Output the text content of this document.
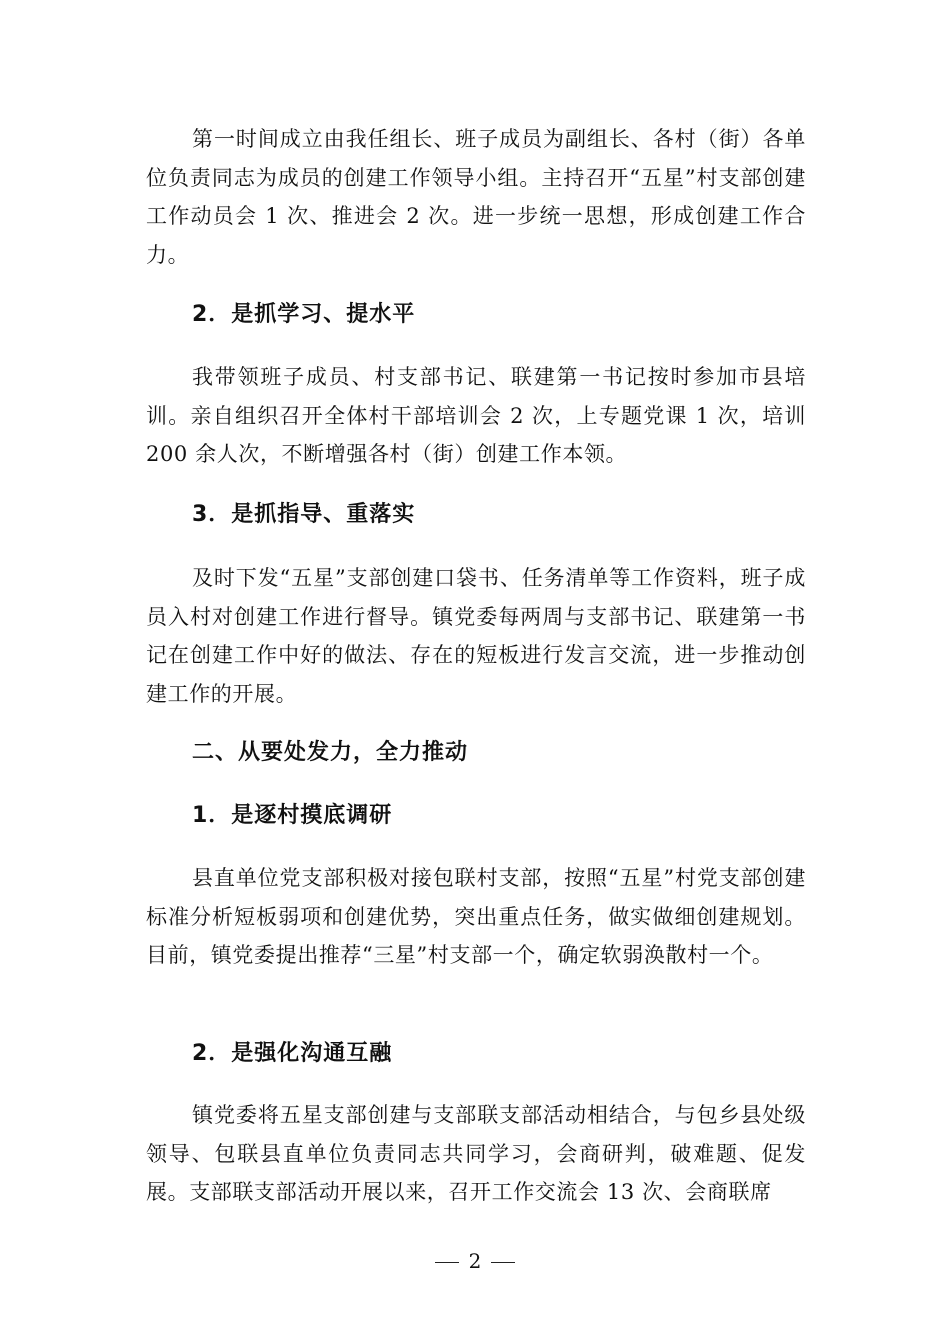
第一时间成立由我任组长、班子成员为副组长、各村（街）各单位负责同志为成员的创建工作领导小组。主持召开“五星”村支部创建工作动员会 1 次、推进会 2 次。进一步统一思想，形成创建工作合力。

2．是抓学习、提水平

我带领班子成员、村支部书记、联建第一书记按时参加市县培训。亲自组织召开全体村干部培训会 2 次，上专题党课 1 次，培训 200 余人次，不断增强各村（街）创建工作本领。

3．是抓指导、重落实

及时下发“五星”支部创建口袋书、任务清单等工作资料，班子成员入村对创建工作进行督导。镇党委每两周与支部书记、联建第一书记在创建工作中好的做法、存在的短板进行发言交流，进一步推动创建工作的开展。

二、从要处发力，全力推动
1．是逐村摸底调研

县直单位党支部积极对接包联村支部，按照“五星”村党支部创建标准分析短板弱项和创建优势，突出重点任务，做实做细创建规划。目前，镇党委提出推荐“三星”村支部一个，确定软弱涣散村一个。

2．是强化沟通互融

镇党委将五星支部创建与支部联支部活动相结合，与包乡县处级领导、包联县直单位负责同志共同学习，会商研判，破难题、促发展。支部联支部活动开展以来，召开工作交流会 13 次、会商联席

2
